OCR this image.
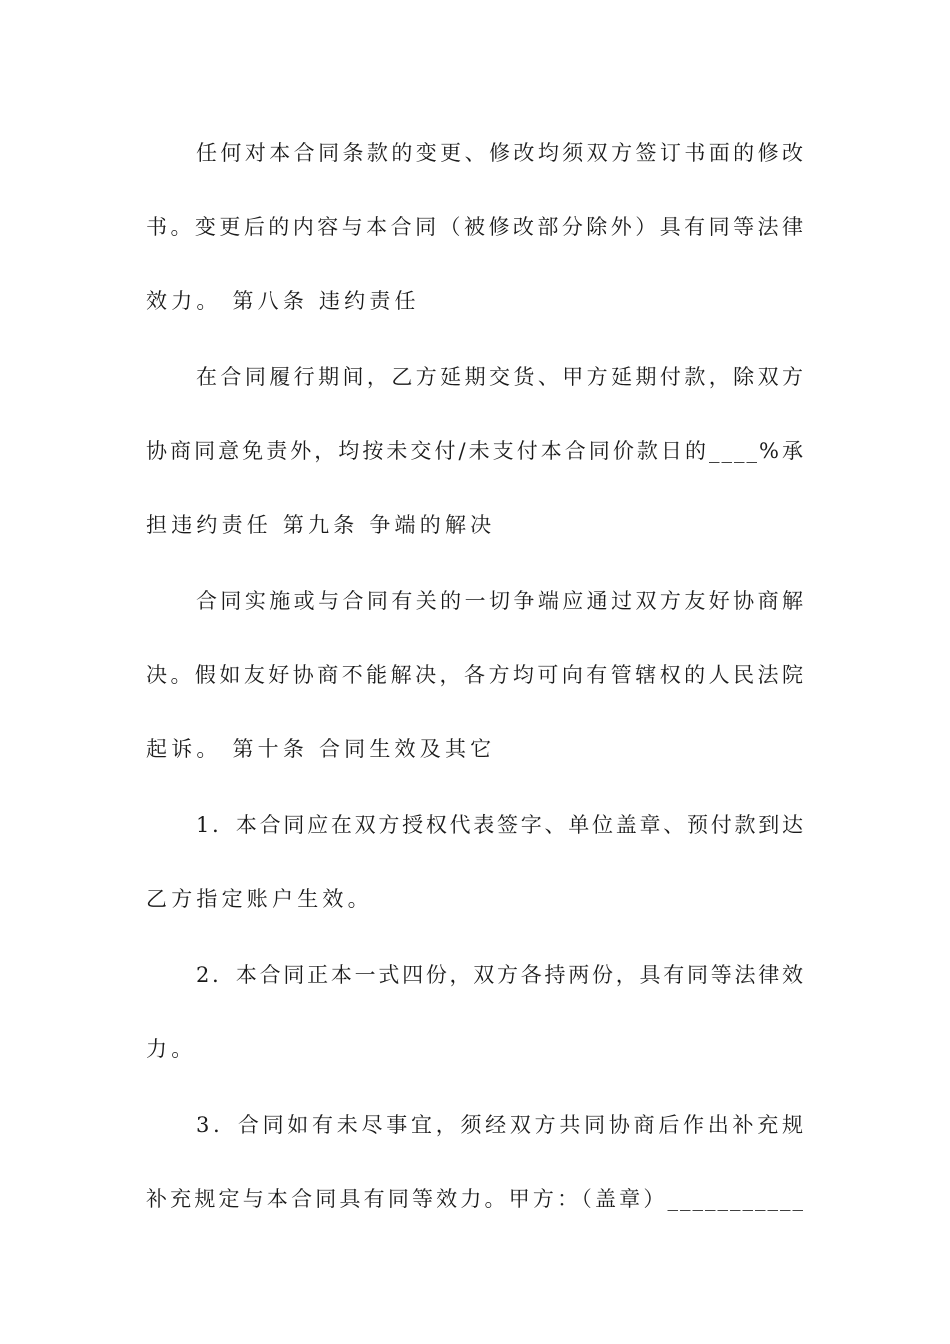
任何对本合同条款的变更、修改均须双方签订书面的修改
书。变更后的内容与本合同（被修改部分除外）具有同等法律
效力。 第八条 违约责任
在合同履行期间，乙方延期交货、甲方延期付款，除双方
协商同意免责外，均按未交付/未支付本合同价款日的____%承
担违约责任 第九条 争端的解决
合同实施或与合同有关的一切争端应通过双方友好协商解
决。假如友好协商不能解决，各方均可向有管辖权的人民法院
起诉。 第十条 合同生效及其它
1．本合同应在双方授权代表签字、单位盖章、预付款到达
乙方指定账户生效。
2．本合同正本一式四份，双方各持两份，具有同等法律效
力。
3．合同如有未尽事宜，须经双方共同协商后作出补充规
补充规定与本合同具有同等效力。甲方：（盖章）___________
